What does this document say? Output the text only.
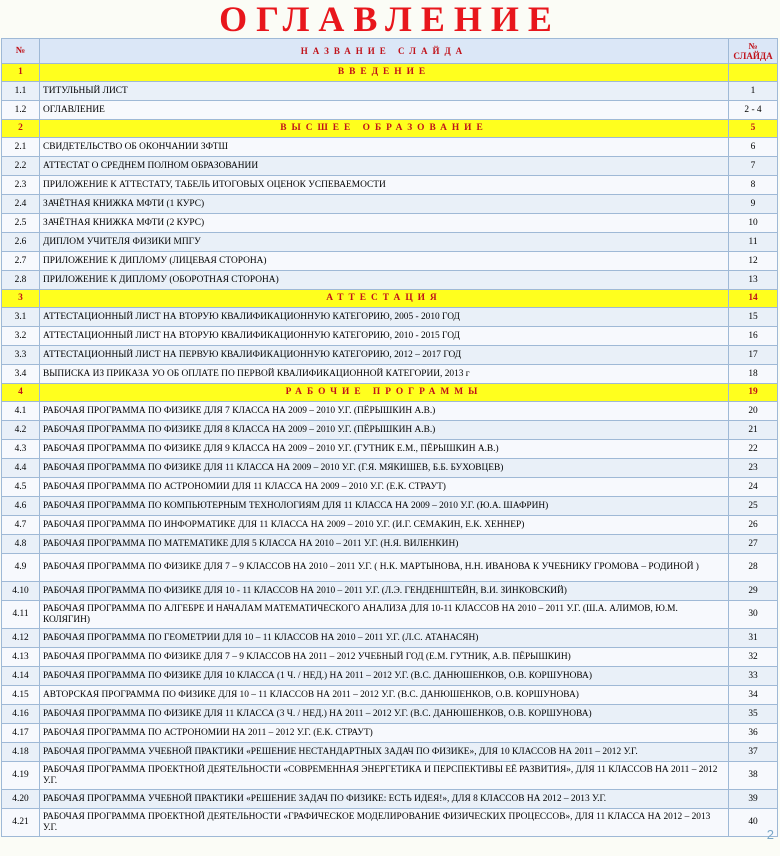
ОГЛАВЛЕНИЕ
№	НАЗВАНИЕ СЛАЙДА	№ СЛАЙДА
1	ВВЕДЕНИЕ	
1.1	ТИТУЛЬНЫЙ ЛИСТ	1
1.2	ОГЛАВЛЕНИЕ	2 - 4
2	ВЫСШЕЕ ОБРАЗОВАНИЕ	5
2.1	СВИДЕТЕЛЬСТВО ОБ ОКОНЧАНИИ ЗФТШ	6
2.2	АТТЕСТАТ О СРЕДНЕМ ПОЛНОМ ОБРАЗОВАНИИ	7
2.3	ПРИЛОЖЕНИЕ К АТТЕСТАТУ, ТАБЕЛЬ ИТОГОВЫХ ОЦЕНОК УСПЕВАЕМОСТИ	8
2.4	ЗАЧЁТНАЯ КНИЖКА МФТИ (1 КУРС)	9
2.5	ЗАЧЁТНАЯ КНИЖКА МФТИ (2 КУРС)	10
2.6	ДИПЛОМ УЧИТЕЛЯ ФИЗИКИ МПГУ	11
2.7	ПРИЛОЖЕНИЕ К ДИПЛОМУ (ЛИЦЕВАЯ СТОРОНА)	12
2.8	ПРИЛОЖЕНИЕ К ДИПЛОМУ (ОБОРОТНАЯ СТОРОНА)	13
3	АТТЕСТАЦИЯ	14
3.1	АТТЕСТАЦИОННЫЙ ЛИСТ НА ВТОРУЮ КВАЛИФИКАЦИОННУЮ КАТЕГОРИЮ, 2005 - 2010 ГОД	15
3.2	АТТЕСТАЦИОННЫЙ ЛИСТ НА ВТОРУЮ КВАЛИФИКАЦИОННУЮ КАТЕГОРИЮ, 2010 - 2015 ГОД	16
3.3	АТТЕСТАЦИОННЫЙ ЛИСТ НА ПЕРВУЮ КВАЛИФИКАЦИОННУЮ КАТЕГОРИЮ, 2012 – 2017 ГОД	17
3.4	ВЫПИСКА ИЗ ПРИКАЗА УО ОБ ОПЛАТЕ ПО ПЕРВОЙ КВАЛИФИКАЦИОННОЙ КАТЕГОРИИ, 2013 г	18
4	РАБОЧИЕ ПРОГРАММЫ	19
4.1	РАБОЧАЯ ПРОГРАММА ПО ФИЗИКЕ ДЛЯ 7 КЛАССА НА 2009 – 2010 У.Г. (ПЁРЫШКИН А.В.)	20
4.2	РАБОЧАЯ ПРОГРАММА ПО ФИЗИКЕ ДЛЯ 8 КЛАССА НА 2009 – 2010 У.Г. (ПЁРЫШКИН А.В.)	21
4.3	РАБОЧАЯ ПРОГРАММА ПО ФИЗИКЕ ДЛЯ 9 КЛАССА НА 2009 – 2010 У.Г. (ГУТНИК Е.М., ПЁРЫШКИН А.В.)	22
4.4	РАБОЧАЯ ПРОГРАММА ПО ФИЗИКЕ ДЛЯ 11 КЛАССА НА 2009 – 2010 У.Г. (Г.Я. МЯКИШЕВ, Б.Б. БУХОВЦЕВ)	23
4.5	РАБОЧАЯ ПРОГРАММА ПО АСТРОНОМИИ ДЛЯ 11 КЛАССА НА 2009 – 2010 У.Г. (Е.К. СТРАУТ)	24
4.6	РАБОЧАЯ ПРОГРАММА ПО КОМПЬЮТЕРНЫМ ТЕХНОЛОГИЯМ ДЛЯ 11 КЛАССА НА 2009 – 2010 У.Г. (Ю.А. ШАФРИН)	25
4.7	РАБОЧАЯ ПРОГРАММА ПО ИНФОРМАТИКЕ ДЛЯ 11 КЛАССА НА 2009 – 2010 У.Г. (И.Г. СЕМАКИН, Е.К. ХЕННЕР)	26
4.8	РАБОЧАЯ ПРОГРАММА ПО МАТЕМАТИКЕ ДЛЯ 5 КЛАССА НА 2010 – 2011 У.Г. (Н.Я. ВИЛЕНКИН)	27
4.9	РАБОЧАЯ ПРОГРАММА ПО ФИЗИКЕ ДЛЯ 7 – 9 КЛАССОВ НА 2010 – 2011 У.Г. ( Н.К. МАРТЫНОВА, Н.Н. ИВАНОВА К УЧЕБНИКУ ГРОМОВА – РОДИНОЙ )	28
4.10	РАБОЧАЯ ПРОГРАММА ПО ФИЗИКЕ ДЛЯ 10 - 11 КЛАССОВ НА 2010 – 2011 У.Г. (Л.Э. ГЕНДЕНШТЕЙН, В.И. ЗИНКОВСКИЙ)	29
4.11	РАБОЧАЯ ПРОГРАММА ПО АЛГЕБРЕ И НАЧАЛАМ МАТЕМАТИЧЕСКОГО АНАЛИЗА ДЛЯ 10-11 КЛАССОВ НА 2010 – 2011 У.Г. (Ш.А. АЛИМОВ, Ю.М. КОЛЯГИН)	30
4.12	РАБОЧАЯ ПРОГРАММА ПО ГЕОМЕТРИИ ДЛЯ 10 – 11 КЛАССОВ НА 2010 – 2011 У.Г. (Л.С. АТАНАСЯН)	31
4.13	РАБОЧАЯ ПРОГРАММА ПО ФИЗИКЕ ДЛЯ 7 – 9 КЛАССОВ НА 2011 – 2012 УЧЕБНЫЙ ГОД (Е.М. ГУТНИК, А.В. ПЁРЫШКИН)	32
4.14	РАБОЧАЯ ПРОГРАММА ПО ФИЗИКЕ ДЛЯ 10 КЛАССА (1 Ч. / НЕД.) НА 2011 – 2012 У.Г. (В.С. ДАНЮШЕНКОВ, О.В. КОРШУНОВА)	33
4.15	АВТОРСКАЯ ПРОГРАММА ПО ФИЗИКЕ ДЛЯ 10 – 11 КЛАССОВ НА 2011 – 2012 У.Г. (В.С. ДАНЮШЕНКОВ, О.В. КОРШУНОВА)	34
4.16	РАБОЧАЯ ПРОГРАММА ПО ФИЗИКЕ ДЛЯ 11 КЛАССА (3 Ч. / НЕД.) НА 2011 – 2012 У.Г. (В.С. ДАНЮШЕНКОВ, О.В. КОРШУНОВА)	35
4.17	РАБОЧАЯ ПРОГРАММА ПО АСТРОНОМИИ НА 2011 – 2012 У.Г. (Е.К. СТРАУТ)	36
4.18	РАБОЧАЯ ПРОГРАММА УЧЕБНОЙ ПРАКТИКИ «РЕШЕНИЕ НЕСТАНДАРТНЫХ ЗАДАЧ ПО ФИЗИКЕ», ДЛЯ 10 КЛАССОВ НА 2011 – 2012 У.Г.	37
4.19	РАБОЧАЯ ПРОГРАММА ПРОЕКТНОЙ ДЕЯТЕЛЬНОСТИ «СОВРЕМЕННАЯ ЭНЕРГЕТИКА И ПЕРСПЕКТИВЫ ЕЁ РАЗВИТИЯ», ДЛЯ 11 КЛАССОВ НА 2011 – 2012 У.Г.	38
4.20	РАБОЧАЯ ПРОГРАММА УЧЕБНОЙ ПРАКТИКИ «РЕШЕНИЕ ЗАДАЧ ПО ФИЗИКЕ: ЕСТЬ ИДЕЯ!», ДЛЯ 8 КЛАССОВ НА 2012 – 2013 У.Г.	39
4.21	РАБОЧАЯ ПРОГРАММА ПРОЕКТНОЙ ДЕЯТЕЛЬНОСТИ «ГРАФИЧЕСКОЕ МОДЕЛИРОВАНИЕ ФИЗИЧЕСКИХ ПРОЦЕССОВ», ДЛЯ 11 КЛАССА НА 2012 – 2013 У.Г.	40
2
